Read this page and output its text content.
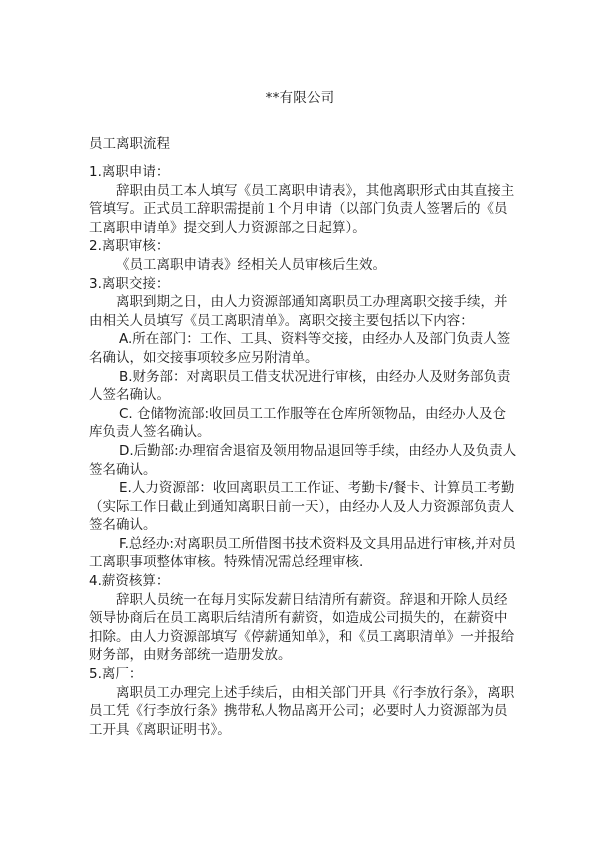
**有限公司
员工离职流程

1.离职申请：

辞职由员工本人填写《员工离职申请表》，其他离职形式由其直接主管填写。正式员工辞职需提前１个月申请（以部门负责人签署后的《员工离职申请单》提交到人力资源部之日起算）。

2.离职审核：

《员工离职申请表》经相关人员审核后生效。

3.离职交接：

离职到期之日，由人力资源部通知离职员工办理离职交接手续，并由相关人员填写《员工离职清单》。离职交接主要包括以下内容：

A.所在部门：工作、工具、资料等交接，由经办人及部门负责人签名确认，如交接事项较多应另附清单。

B.财务部：对离职员工借支状况进行审核，由经办人及财务部负责人签名确认。

C. 仓储物流部:收回员工工作服等在仓库所领物品，由经办人及仓库负责人签名确认。

D.后勤部:办理宿舍退宿及领用物品退回等手续，由经办人及负责人签名确认。

E.人力资源部：收回离职员工工作证、考勤卡/餐卡、计算员工考勤（实际工作日截止到通知离职日前一天），由经办人及人力资源部负责人签名确认。

F.总经办:对离职员工所借图书技术资料及文具用品进行审核,并对员工离职事项整体审核。特殊情况需总经理审核.

4.薪资核算：

辞职人员统一在每月实际发薪日结清所有薪资。辞退和开除人员经领导协商后在员工离职后结清所有薪资，如造成公司损失的，在薪资中扣除。由人力资源部填写《停薪通知单》，和《员工离职清单》一并报给财务部，由财务部统一造册发放。

5.离厂：

离职员工办理完上述手续后，由相关部门开具《行李放行条》，离职员工凭《行李放行条》携带私人物品离开公司；必要时人力资源部为员工开具《离职证明书》。
